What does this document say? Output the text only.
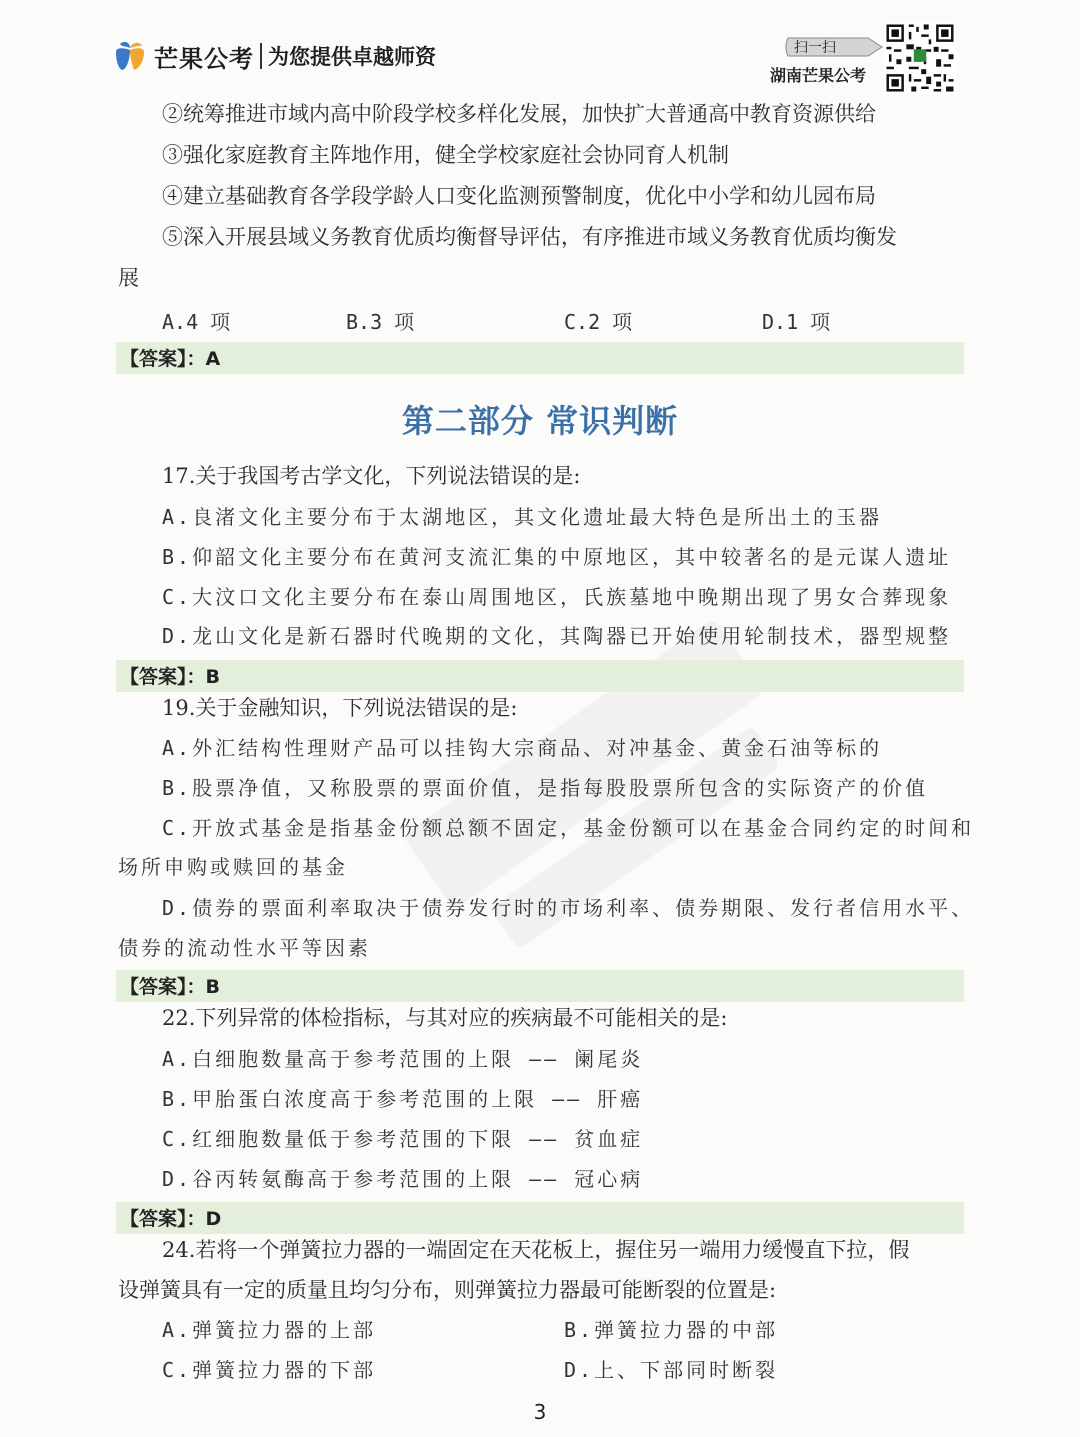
芒果公考 为您提供卓越师资	扫一扫
湖南芒果公考
②统筹推进市域内高中阶段学校多样化发展，加快扩大普通高中教育资源供给
③强化家庭教育主阵地作用，健全学校家庭社会协同育人机制
④建立基础教育各学段学龄人口变化监测预警制度，优化中小学和幼儿园布局
⑤深入开展县域义务教育优质均衡督导评估，有序推进市域义务教育优质均衡发
展
A.4 项	B.3 项	C.2 项	D.1 项
【答案】：A
第二部分 常识判断
17.关于我国考古学文化，下列说法错误的是:
A.良渚文化主要分布于太湖地区，其文化遗址最大特色是所出土的玉器
B.仰韶文化主要分布在黄河支流汇集的中原地区，其中较著名的是元谋人遗址
C.大汶口文化主要分布在泰山周围地区，氏族墓地中晚期出现了男女合葬现象
D.龙山文化是新石器时代晚期的文化，其陶器已开始使用轮制技术，器型规整
【答案】：B
19.关于金融知识，下列说法错误的是:
A.外汇结构性理财产品可以挂钩大宗商品、对冲基金、黄金石油等标的
B.股票净值，又称股票的票面价值，是指每股股票所包含的实际资产的价值
C.开放式基金是指基金份额总额不固定，基金份额可以在基金合同约定的时间和
场所申购或赎回的基金
D.债券的票面利率取决于债券发行时的市场利率、债券期限、发行者信用水平、
债券的流动性水平等因素
【答案】：B
22.下列异常的体检指标，与其对应的疾病最不可能相关的是:
A.白细胞数量高于参考范围的上限 —— 阑尾炎
B.甲胎蛋白浓度高于参考范围的上限 —— 肝癌
C.红细胞数量低于参考范围的下限 —— 贫血症
D.谷丙转氨酶高于参考范围的上限 —— 冠心病
【答案】：D
24.若将一个弹簧拉力器的一端固定在天花板上，握住另一端用力缓慢直下拉，假
设弹簧具有一定的质量且均匀分布，则弹簧拉力器最可能断裂的位置是:
A.弹簧拉力器的上部	B.弹簧拉力器的中部
C.弹簧拉力器的下部	D.上、下部同时断裂
3
